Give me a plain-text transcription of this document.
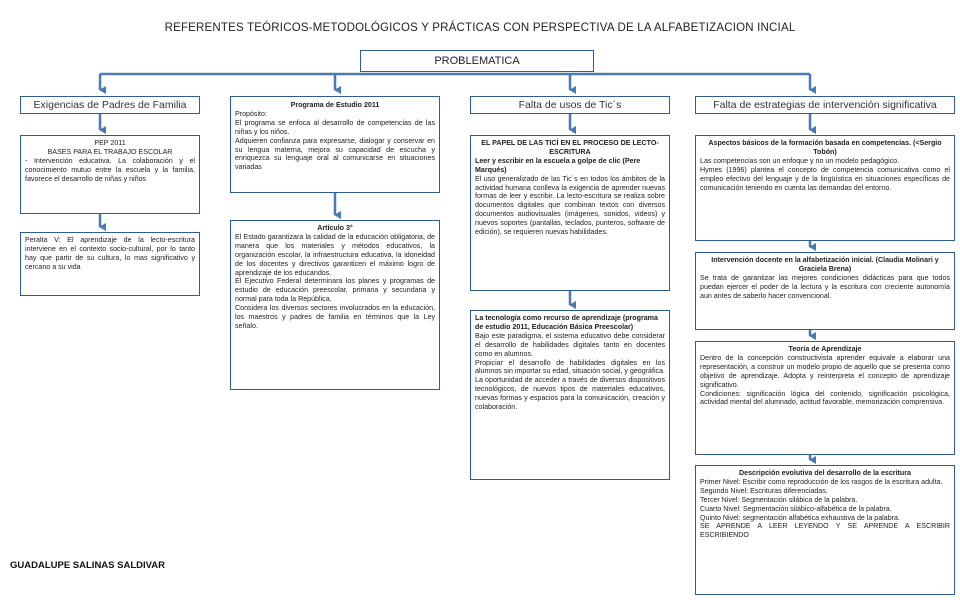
REFERENTES TEÓRICOS-METODOLÓGICOS Y PRÁCTICAS CON PERSPECTIVA DE LA ALFABETIZACION INCIAL
PROBLEMATICA
Exigencias de Padres de Familia	Programa de Estudio 2011
Propósito:
El programa se enfoca al desarrollo de competencias de las niñas y los niños.
Adquieren confianza para expresarse, dialogar y conservar en su lengua materna, mejora su capacidad de escucha y enriquezca su lenguaje oral al comunicarse en situaciones variadas
Falta de usos de Tic´s	Falta de estrategias de intervención significativa
PEP 2011
BASES PARA EL TRABAJO ESCOLAR
- Intervención educativa. La colaboración y el conocimiento mutuo entre la escuela y la familia, favorece el desarrollo de niñas y niños
Peralta V: El aprendizaje de la lecto-escritura interviene en el contexto socio-cultural, por lo tanto hay que partir de su cultura, lo mas significativo y cercano a su vida
Artículo 3°
El Estado garantizara la calidad de la educación obligatoria, de manera que los materiales y métodos educativos, la organización escolar, la infraestructura educativa, la idoneidad de los docentes y directivos garanticen el máximo logro de aprendizaje de los educandos.
El Ejecutivo Federal determinara los planes y programas de estudio de educación preescolar, primaria y secundaria y normal para toda la República.
Considera los diversos sectores involucrados en la educación, los maestros y padres de familia en términos que la Ley señalo.
EL PAPEL DE LAS TICÍ EN EL PROCESO DE LECTO-ESCRITURA
Leer y escribir en la escuela a golpe de clic (Pere Marqués)
El uso generalizado de las Tic´s en todos los ámbitos de la actividad humana conlleva la exigencia de aprender nuevas formas de leer y escribir. La lecto-escritura se realiza sobre documentos digitales que combinan textos con diversos documentos audiovisuales (imágenes, sonidos, videos) y nuevos soportes (pantallas, teclados, punteros, software de edición), se requieren nuevas habilidades.
La tecnología como recurso de aprendizaje (programa de estudio 2011, Educación Básica Preescolar)
Bajo este paradigma, el sistema educativo debe considerar el desarrollo de habilidades digitales tanto en docentes como en alumnos.
Propiciar el desarrollo de habilidades digitales en los alumnos sin importar su edad, situación social, y geográfica. La oportunidad de acceder a través de diversos dispositivos tecnológicos, de nuevos tipos de materiales educativos, nuevas formas y espacios para la comunicación, creación y colaboración.
Aspectos básicos de la formación basada en competencias. (<Sergio Tobón)
Las competencias son un enfoque y no un modelo pedagógico.
Hymes (1996) plantea el concepto de competencia comunicativa como el empleo efectivo del lenguaje y de la lingüística en situaciones específicas de comunicación teniendo en cuenta las demandas del entorno.
Intervención docente en la alfabetización inicial. (Claudia Molinari y Graciela Brena)
Se trata de garantizar las mejores condiciones didácticas para que todos puedan ejercer el poder de la lectura y la escritura con creciente autonomía aun antes de saberlo hacer convencional.
Teoría de Aprendizaje
Dentro de la concepción constructivista aprender equivale a elaborar una representación, a construir un modelo propio de aquello que se presenta como objetivo de aprendizaje. Adopta y reinterpreta el concepto de aprendizaje significativo.
Condiciones: significación lógica del contenido, significación psicológica, actividad mental del alumnado, actitud favorable, memorización comprensiva.
Descripción evolutiva del desarrollo de la escritura
Primer Nivel: Escribir como reproducción de los rasgos de la escritura adulta.
Segundo Nivel: Escrituras diferenciadas.
Tercer Nivel: Segmentación silábica de la palabra.
Cuarto Nivel: Segmentación silábico-alfabética de la palabra.
Quinto Nivel: segmentación alfabética exhaustiva de la palabra.
SE APRENDE A LEER LEYENDO Y SE APRENDE A ESCRIBIR ESCRIBIENDO
GUADALUPE SALINAS SALDIVAR
